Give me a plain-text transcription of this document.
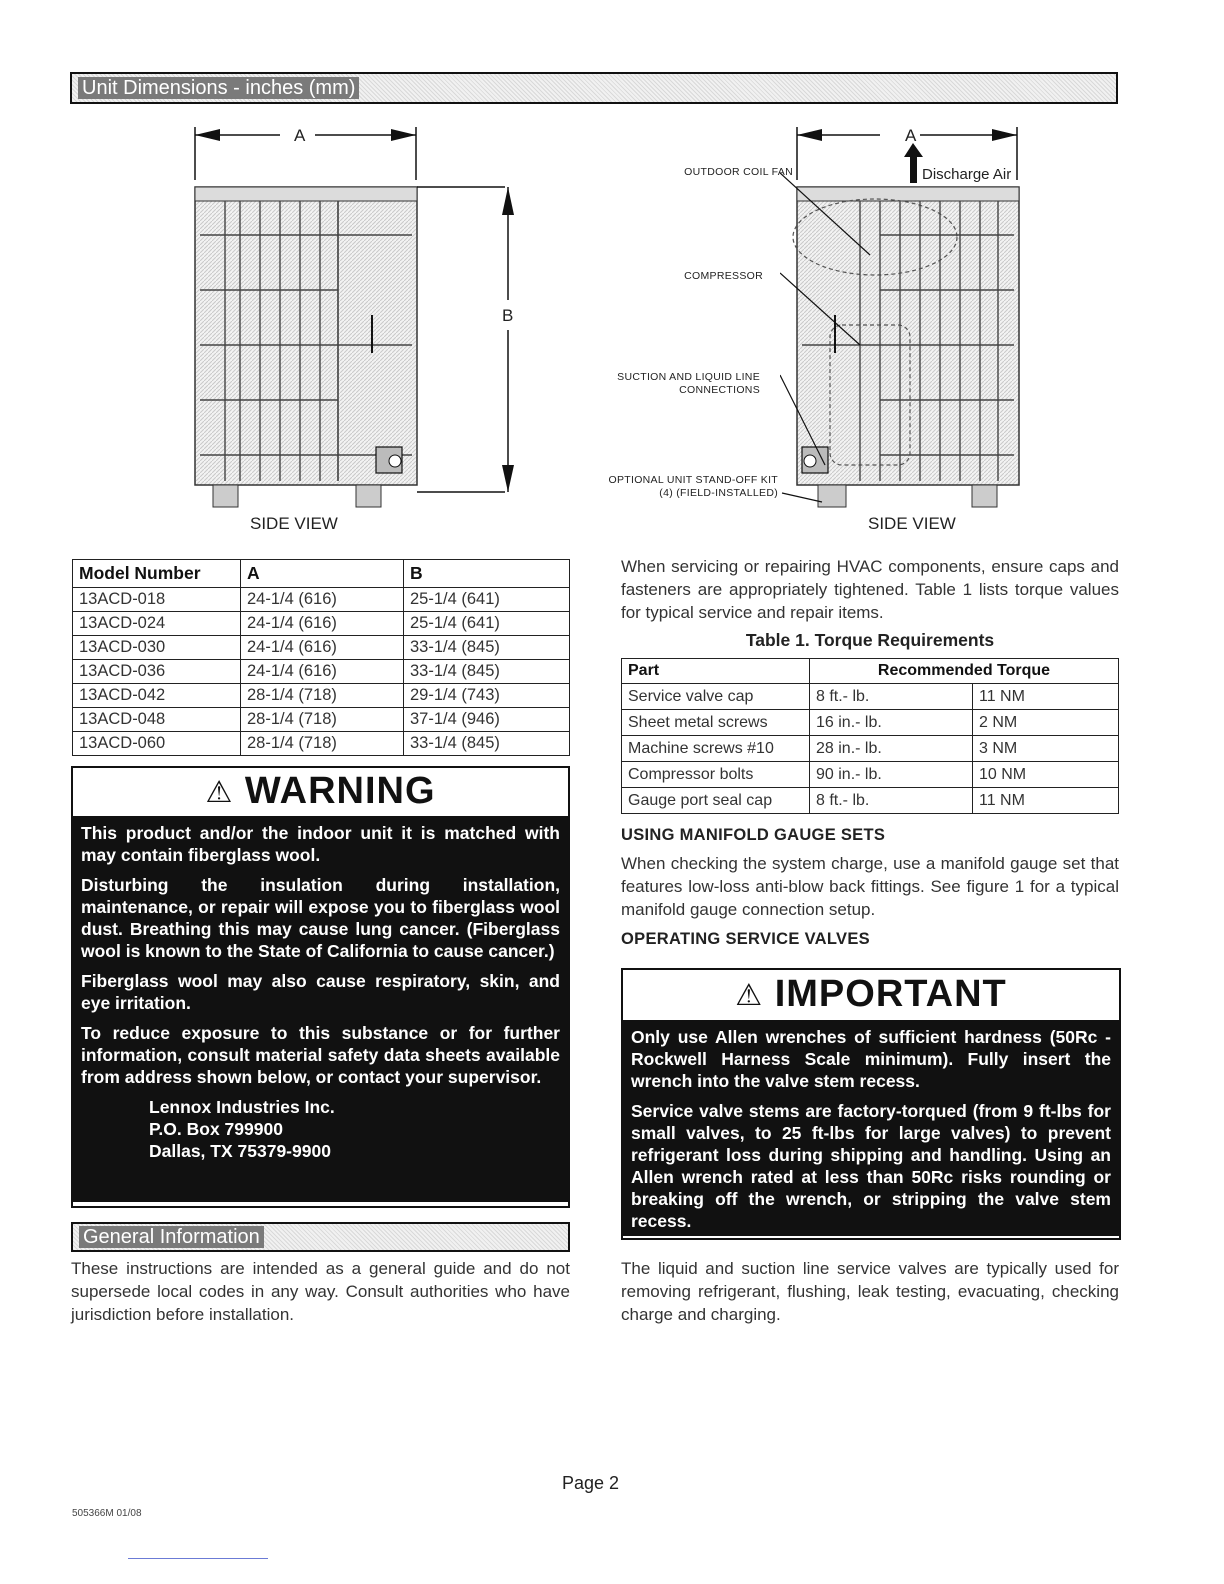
Unit Dimensions - inches (mm)
A
B
SIDE VIEW
A
Discharge Air
OUTDOOR COIL FAN
COMPRESSOR
SUCTION AND LIQUID LINE
CONNECTIONS
OPTIONAL UNIT STAND-OFF KIT
(4) (FIELD-INSTALLED)
SIDE VIEW
Model Number	A	B
13ACD-018	24-1/4 (616)	25-1/4 (641)
13ACD-024	24-1/4 (616)	25-1/4 (641)
13ACD-030	24-1/4 (616)	33-1/4 (845)
13ACD-036	24-1/4 (616)	33-1/4 (845)
13ACD-042	28-1/4 (718)	29-1/4 (743)
13ACD-048	28-1/4 (718)	37-1/4 (946)
13ACD-060	28-1/4 (718)	33-1/4 (845)
⚠ WARNING

This product and/or the indoor unit it is matched with may contain fiberglass wool.

Disturbing the insulation during installation, maintenance, or repair will expose you to fiberglass wool dust. Breathing this may cause lung cancer. (Fiberglass wool is known to the State of California to cause cancer.)

Fiberglass wool may also cause respiratory, skin, and eye irritation.

To reduce exposure to this substance or for further information, consult material safety data sheets available from address shown below, or contact your supervisor.

Lennox Industries Inc.
P.O. Box 799900
Dallas, TX 75379-9900
General Information
These instructions are intended as a general guide and do not supersede local codes in any way. Consult authorities who have jurisdiction before installation.
When servicing or repairing HVAC components, ensure caps and fasteners are appropriately tightened. Table 1 lists torque values for typical service and repair items.
Table 1. Torque Requirements
Part	Recommended Torque	
Service valve cap	8 ft.- lb.	11 NM
Sheet metal screws	16 in.- lb.	2 NM
Machine screws #10	28 in.- lb.	3 NM
Compressor bolts	90 in.- lb.	10 NM
Gauge port seal cap	8 ft.- lb.	11 NM
USING MANIFOLD GAUGE SETS
When checking the system charge, use a manifold gauge set that features low-loss anti-blow back fittings. See figure 1 for a typical manifold gauge connection setup.
OPERATING SERVICE VALVES
⚠ IMPORTANT

Only use Allen wrenches of sufficient hardness (50Rc - Rockwell Harness Scale minimum). Fully insert the wrench into the valve stem recess.

Service valve stems are factory-torqued (from 9 ft-lbs for small valves, to 25 ft-lbs for large valves) to prevent refrigerant loss during shipping and handling. Using an Allen wrench rated at less than 50Rc risks rounding or breaking off the wrench, or stripping the valve stem recess.

The liquid and suction line service valves are typically used for removing refrigerant, flushing, leak testing, evacuating, checking charge and charging.
Page 2
505366M 01/08
